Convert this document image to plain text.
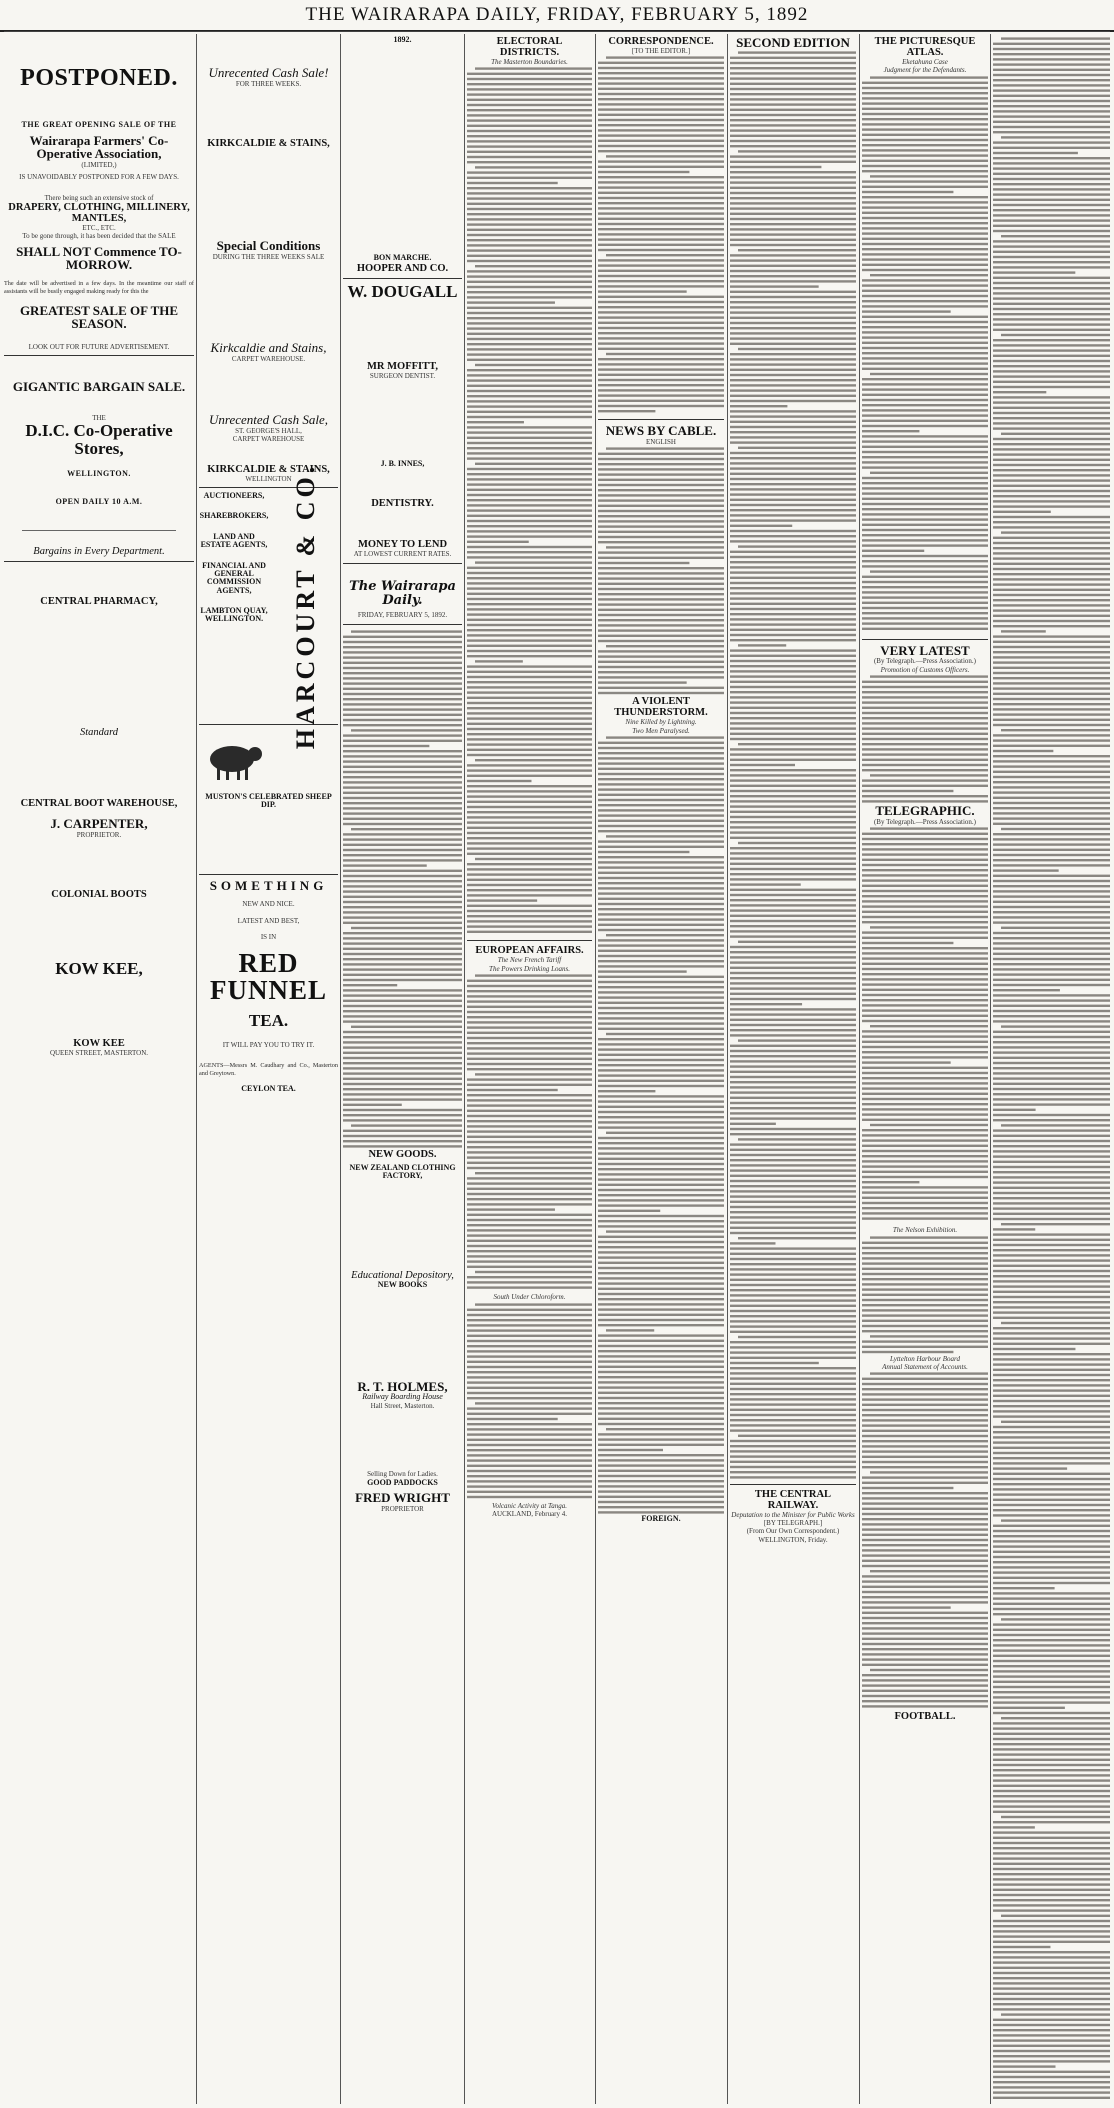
THE WAIRARAPA DAILY, FRIDAY, FEBRUARY 5, 1892
POSTPONED.
THE GREAT OPENING SALE OF THE
Wairarapa Farmers' Co-Operative Association,
(LIMITED,)
IS UNAVOIDABLY POSTPONED FOR A FEW DAYS.
There being such an extensive stock of
DRAPERY, CLOTHING, MILLINERY, MANTLES,
ETC., ETC.
To be gone through, it has been decided that the SALE
SHALL NOT Commence TO-MORROW.
The date will be advertised in a few days. In the meantime our staff of assistants will be busily engaged making ready for this the
GREATEST SALE OF THE SEASON.
LOOK OUT FOR FUTURE ADVERTISEMENT.
GIGANTIC BARGAIN SALE.
THE
D.I.C. Co-Operative Stores,
WELLINGTON.
OPEN DAILY 10 A.M.
Bargains in Every Department.
CENTRAL PHARMACY,
Standard
CENTRAL BOOT WAREHOUSE,
J. CARPENTER,
PROPRIETOR.
COLONIAL BOOTS
KOW KEE,
KOW KEE
QUEEN STREET, MASTERTON.
Unrecented Cash Sale!
FOR THREE WEEKS.
KIRKCALDIE & STAINS,
Special Conditions
DURING THE THREE WEEKS SALE
Kirkcaldie and Stains,
CARPET WAREHOUSE.
Unrecented Cash Sale,
ST. GEORGE'S HALL,
CARPET WAREHOUSE
KIRKCALDIE & STAINS,
WELLINGTON
AUCTIONEERS,
SHAREBROKERS,
LAND AND ESTATE AGENTS,
FINANCIAL AND GENERAL COMMISSION AGENTS,
LAMBTON QUAY, WELLINGTON. HARCOURT & CO.
MUSTON'S CELEBRATED SHEEP DIP.
SOMETHING
NEW AND NICE.
LATEST AND BEST,
IS IN
RED FUNNEL
TEA.
IT WILL PAY YOU TO TRY IT.
AGENTS—Messrs M. Caudhary and Co., Masterton and Greytown.
CEYLON TEA.
1892.
BON MARCHE.
HOOPER AND CO.
W. DOUGALL
MR MOFFITT,
SURGEON DENTIST.
J. B. INNES,
DENTISTRY.
MONEY TO LEND
AT LOWEST CURRENT RATES.
The Wairarapa Daily.
FRIDAY, FEBRUARY 5, 1892.
NEW GOODS.
NEW ZEALAND CLOTHING FACTORY,
Educational Depository,
NEW BOOKS
R. T. HOLMES,
Railway Boarding House
Hall Street, Masterton.
Selling Down for Ladies.
GOOD PADDOCKS
FRED WRIGHT
PROPRIETOR
ELECTORAL DISTRICTS.
The Masterton Boundaries.
EUROPEAN AFFAIRS.
The New French Tariff
The Powers Drinking Loans.
South Under Chloroform.
Volcanic Activity at Tanga.
AUCKLAND, February 4.
CORRESPONDENCE.
[TO THE EDITOR.]
NEWS BY CABLE.
ENGLISH
A VIOLENT THUNDERSTORM.
Nine Killed by Lightning.
Two Men Paralysed.
FOREIGN.
SECOND EDITION
THE CENTRAL RAILWAY.
Deputation to the Minister for Public Works
[BY TELEGRAPH.]
(From Our Own Correspondent.)
WELLINGTON, Friday.
THE PICTURESQUE ATLAS.
Eketahuna Case
Judgment for the Defendants.
VERY LATEST
(By Telegraph.—Press Association.)
Promotion of Customs Officers.
TELEGRAPHIC.
(By Telegraph.—Press Association.)
The Nelson Exhibition.
Lyttelton Harbour Board
Annual Statement of Accounts.
FOOTBALL.
